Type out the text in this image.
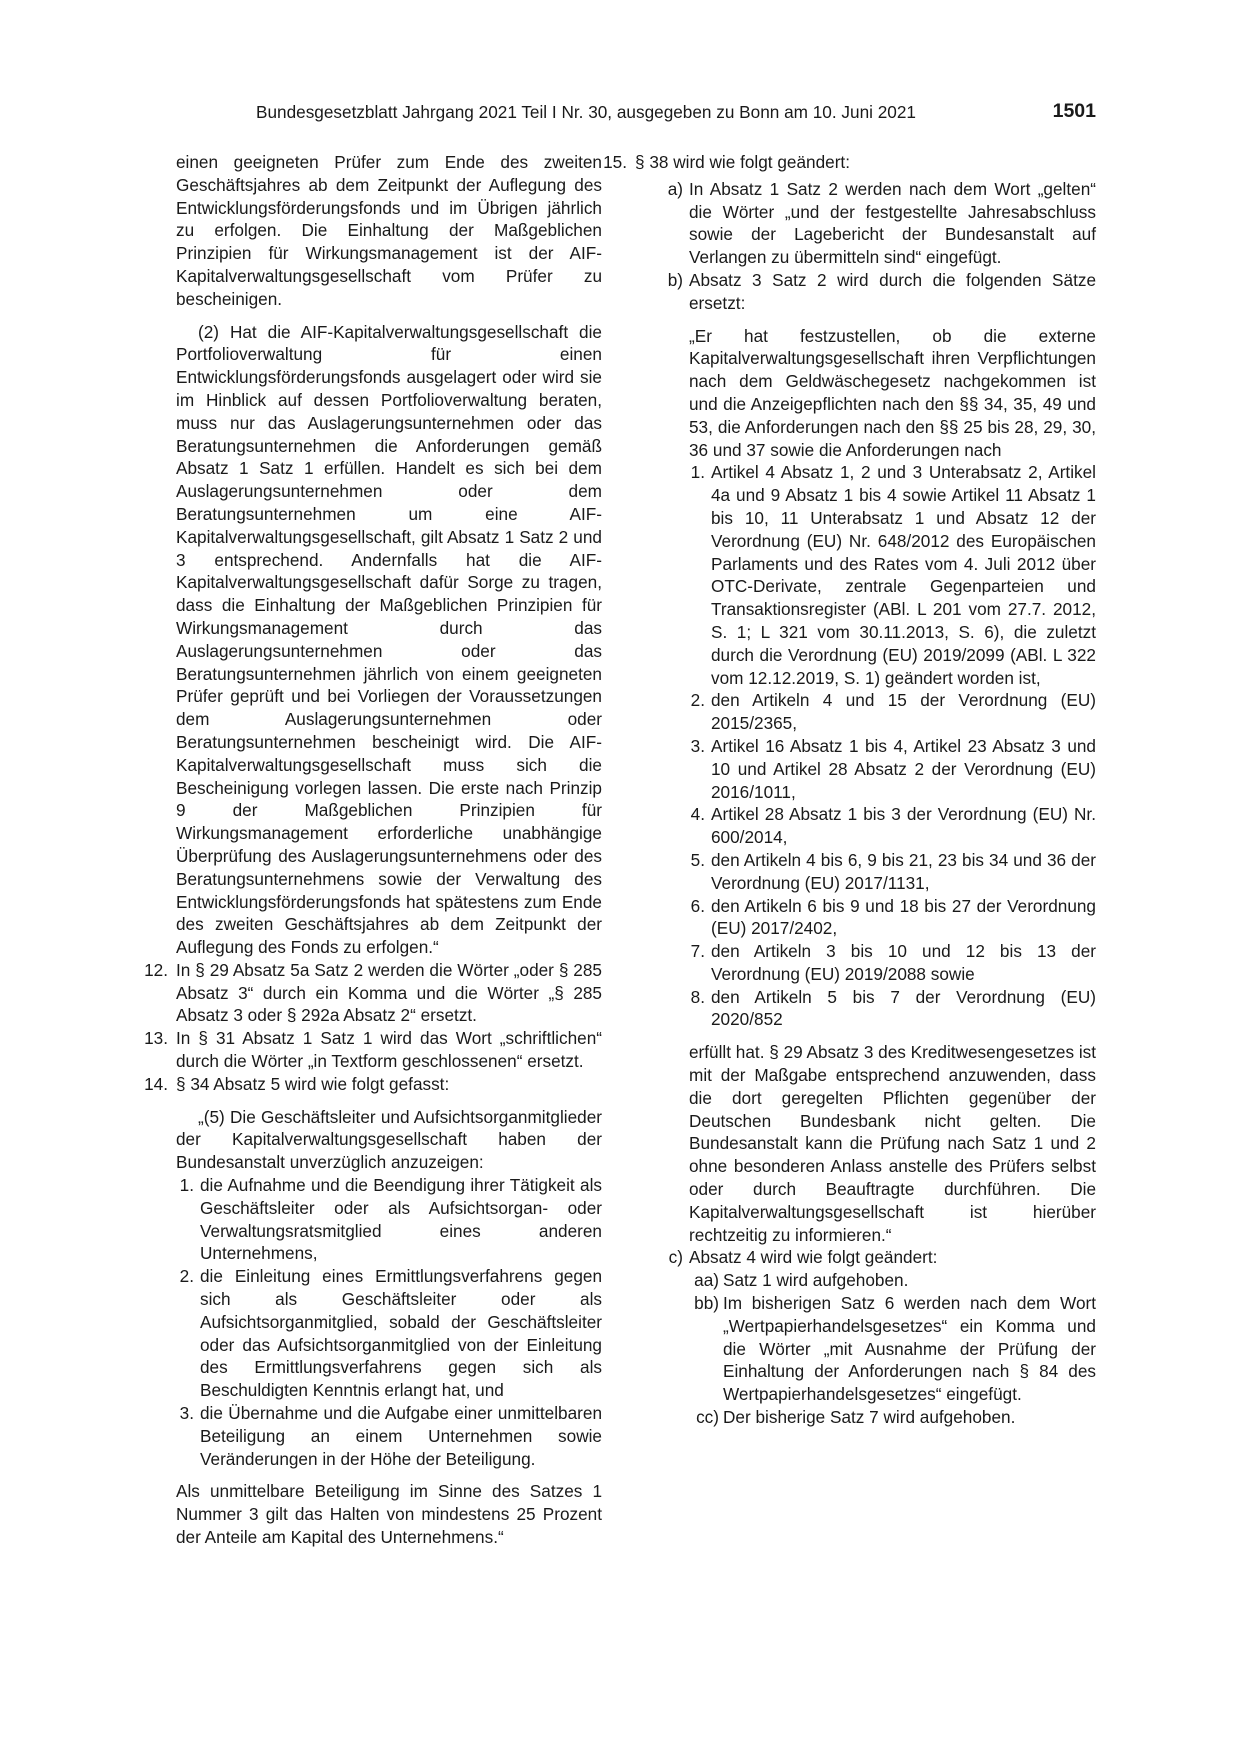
Bundesgesetzblatt Jahrgang 2021 Teil I Nr. 30, ausgegeben zu Bonn am 10. Juni 2021	1501

einen geeigneten Prüfer zum Ende des zweiten Geschäftsjahres ab dem Zeitpunkt der Auflegung des Entwicklungsförderungsfonds und im Übrigen jährlich zu erfolgen. Die Einhaltung der Maßgeblichen Prinzipien für Wirkungsmanagement ist der AIF-Kapitalverwaltungsgesellschaft vom Prüfer zu bescheinigen.

(2) Hat die AIF-Kapitalverwaltungsgesellschaft die Portfolioverwaltung für einen Entwicklungsförderungsfonds ausgelagert oder wird sie im Hinblick auf dessen Portfolioverwaltung beraten, muss nur das Auslagerungsunternehmen oder das Beratungsunternehmen die Anforderungen gemäß Absatz 1 Satz 1 erfüllen. Handelt es sich bei dem Auslagerungsunternehmen oder dem Beratungsunternehmen um eine AIF-Kapitalverwaltungsgesellschaft, gilt Absatz 1 Satz 2 und 3 entsprechend. Andernfalls hat die AIF-Kapitalverwaltungsgesellschaft dafür Sorge zu tragen, dass die Einhaltung der Maßgeblichen Prinzipien für Wirkungsmanagement durch das Auslagerungsunternehmen oder das Beratungsunternehmen jährlich von einem geeigneten Prüfer geprüft und bei Vorliegen der Voraussetzungen dem Auslagerungsunternehmen oder Beratungsunternehmen bescheinigt wird. Die AIF-Kapitalverwaltungsgesellschaft muss sich die Bescheinigung vorlegen lassen. Die erste nach Prinzip 9 der Maßgeblichen Prinzipien für Wirkungsmanagement erforderliche unabhängige Überprüfung des Auslagerungsunternehmens oder des Beratungsunternehmens sowie der Verwaltung des Entwicklungsförderungsfonds hat spätestens zum Ende des zweiten Geschäftsjahres ab dem Zeitpunkt der Auflegung des Fonds zu erfolgen.“

12. In § 29 Absatz 5a Satz 2 werden die Wörter „oder § 285 Absatz 3“ durch ein Komma und die Wörter „§ 285 Absatz 3 oder § 292a Absatz 2“ ersetzt.

13. In § 31 Absatz 1 Satz 1 wird das Wort „schriftlichen“ durch die Wörter „in Textform geschlossenen“ ersetzt.

14. § 34 Absatz 5 wird wie folgt gefasst:

„(5) Die Geschäftsleiter und Aufsichtsorganmitglieder der Kapitalverwaltungsgesellschaft haben der Bundesanstalt unverzüglich anzuzeigen:

1. die Aufnahme und die Beendigung ihrer Tätigkeit als Geschäftsleiter oder als Aufsichtsorgan- oder Verwaltungsratsmitglied eines anderen Unternehmens,

2. die Einleitung eines Ermittlungsverfahrens gegen sich als Geschäftsleiter oder als Aufsichtsorganmitglied, sobald der Geschäftsleiter oder das Aufsichtsorganmitglied von der Einleitung des Ermittlungsverfahrens gegen sich als Beschuldigten Kenntnis erlangt hat, und

3. die Übernahme und die Aufgabe einer unmittelbaren Beteiligung an einem Unternehmen sowie Veränderungen in der Höhe der Beteiligung.

Als unmittelbare Beteiligung im Sinne des Satzes 1 Nummer 3 gilt das Halten von mindestens 25 Prozent der Anteile am Kapital des Unternehmens.“

15. § 38 wird wie folgt geändert:

a) In Absatz 1 Satz 2 werden nach dem Wort „gelten“ die Wörter „und der festgestellte Jahresabschluss sowie der Lagebericht der Bundesanstalt auf Verlangen zu übermitteln sind“ eingefügt.

b) Absatz 3 Satz 2 wird durch die folgenden Sätze ersetzt:

„Er hat festzustellen, ob die externe Kapitalverwaltungsgesellschaft ihren Verpflichtungen nach dem Geldwäschegesetz nachgekommen ist und die Anzeigepflichten nach den §§ 34, 35, 49 und 53, die Anforderungen nach den §§ 25 bis 28, 29, 30, 36 und 37 sowie die Anforderungen nach

1. Artikel 4 Absatz 1, 2 und 3 Unterabsatz 2, Artikel 4a und 9 Absatz 1 bis 4 sowie Artikel 11 Absatz 1 bis 10, 11 Unterabsatz 1 und Absatz 12 der Verordnung (EU) Nr. 648/2012 des Europäischen Parlaments und des Rates vom 4. Juli 2012 über OTC-Derivate, zentrale Gegenparteien und Transaktionsregister (ABl. L 201 vom 27.7. 2012, S. 1; L 321 vom 30.11.2013, S. 6), die zuletzt durch die Verordnung (EU) 2019/2099 (ABl. L 322 vom 12.12.2019, S. 1) geändert worden ist,

2. den Artikeln 4 und 15 der Verordnung (EU) 2015/2365,

3. Artikel 16 Absatz 1 bis 4, Artikel 23 Absatz 3 und 10 und Artikel 28 Absatz 2 der Verordnung (EU) 2016/1011,

4. Artikel 28 Absatz 1 bis 3 der Verordnung (EU) Nr. 600/2014,

5. den Artikeln 4 bis 6, 9 bis 21, 23 bis 34 und 36 der Verordnung (EU) 2017/1131,

6. den Artikeln 6 bis 9 und 18 bis 27 der Verordnung (EU) 2017/2402,

7. den Artikeln 3 bis 10 und 12 bis 13 der Verordnung (EU) 2019/2088 sowie

8. den Artikeln 5 bis 7 der Verordnung (EU) 2020/852

erfüllt hat. § 29 Absatz 3 des Kreditwesengesetzes ist mit der Maßgabe entsprechend anzuwenden, dass die dort geregelten Pflichten gegenüber der Deutschen Bundesbank nicht gelten. Die Bundesanstalt kann die Prüfung nach Satz 1 und 2 ohne besonderen Anlass anstelle des Prüfers selbst oder durch Beauftragte durchführen. Die Kapitalverwaltungsgesellschaft ist hierüber rechtzeitig zu informieren.“

c) Absatz 4 wird wie folgt geändert:

aa) Satz 1 wird aufgehoben.

bb) Im bisherigen Satz 6 werden nach dem Wort „Wertpapierhandelsgesetzes“ ein Komma und die Wörter „mit Ausnahme der Prüfung der Einhaltung der Anforderungen nach § 84 des Wertpapierhandelsgesetzes“ eingefügt.

cc) Der bisherige Satz 7 wird aufgehoben.
